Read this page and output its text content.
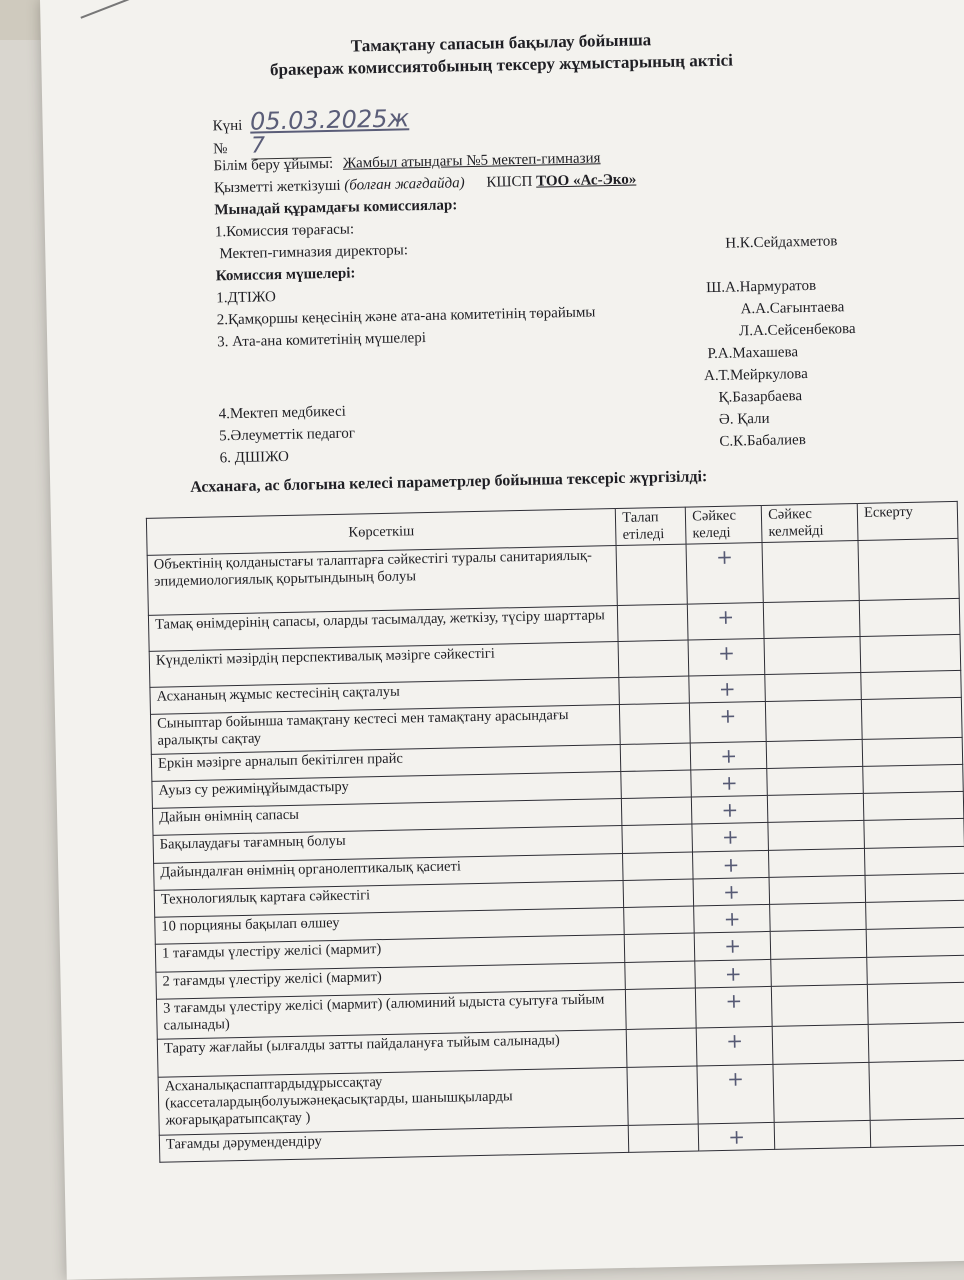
Тамақтану сапасын бақылау бойынша
бракераж комиссиятобының тексеру жұмыстарының актісі
Күні 05.03.2025ж
№ 7
Білім беру ұйымы: Жамбыл атындағы №5 мектеп-гимназия
Қызметті жеткізуші (болған жағдайда) КШСП ТОО «Ас-Эко»
Мынадай құрамдағы комиссиялар:
1.Комиссия төрағасы:
Мектеп-гимназия директоры:	Н.К.Сейдахметов
Комиссия мүшелері:
1.ДТІЖО
Ш.А.Нармуратов
2.Қамқоршы кеңесінің және ата-ана комитетінің төрайымы	А.А.Сағынтаева
3. Ата-ана комитетінің мүшелері	Л.А.Сейсенбекова
Р.А.Махашева
А.Т.Мейркулова
4.Мектеп медбикесі
Қ.Базарбаева
5.Әлеуметтік педагог
Ә. Қали
6. ДШІЖО
С.К.Бабалиев
Асханаға, ас блогына келесі параметрлер бойынша тексеріс жүргізілді:
Көрсеткіш	Талап етіледі	Сәйкес келеді	Сәйкес келмейді	Ескерту
Объектінің қолданыстағы талаптарға сәйкестігі туралы санитариялық-эпидемиологиялық қорытындының болуы		+		
Тамақ өнімдерінің сапасы, оларды тасымалдау, жеткізу, түсіру шарттары		+		
Күнделікті мәзірдің перспективалық мәзірге сәйкестігі		+		
Асхананың жұмыс кестесінің сақталуы		+		
Сыныптар бойынша тамақтану кестесі мен тамақтану арасындағы аралықты сақтау		+		
Еркін мәзірге арналып бекітілген прайс		+		
Ауыз су режиміңұйымдастыру		+		
Дайын өнімнің сапасы		+		
Бақылаудағы тағамның болуы		+		
Дайындалған өнімнің органолептикалық қасиеті		+		
Технологиялық картаға сәйкестігі		+		
10 порцияны бақылап өлшеу		+		
1 тағамды үлестіру желісі (мармит)		+		
2 тағамды үлестіру желісі (мармит)		+		
3 тағамды үлестіру желісі (мармит) (алюминий ыдыста суытуға тыйым салынады)		+		
Тарату жағлайы (ылғалды затты пайдалануға тыйым салынады)		+		
Асханалықаспаптардыдұрыссақтау (кассеталардыңболуыжәнеқасықтарды, шанышқыларды жоғарықаратыпсақтау )		+		
Тағамды дәрумендендіру		+		
